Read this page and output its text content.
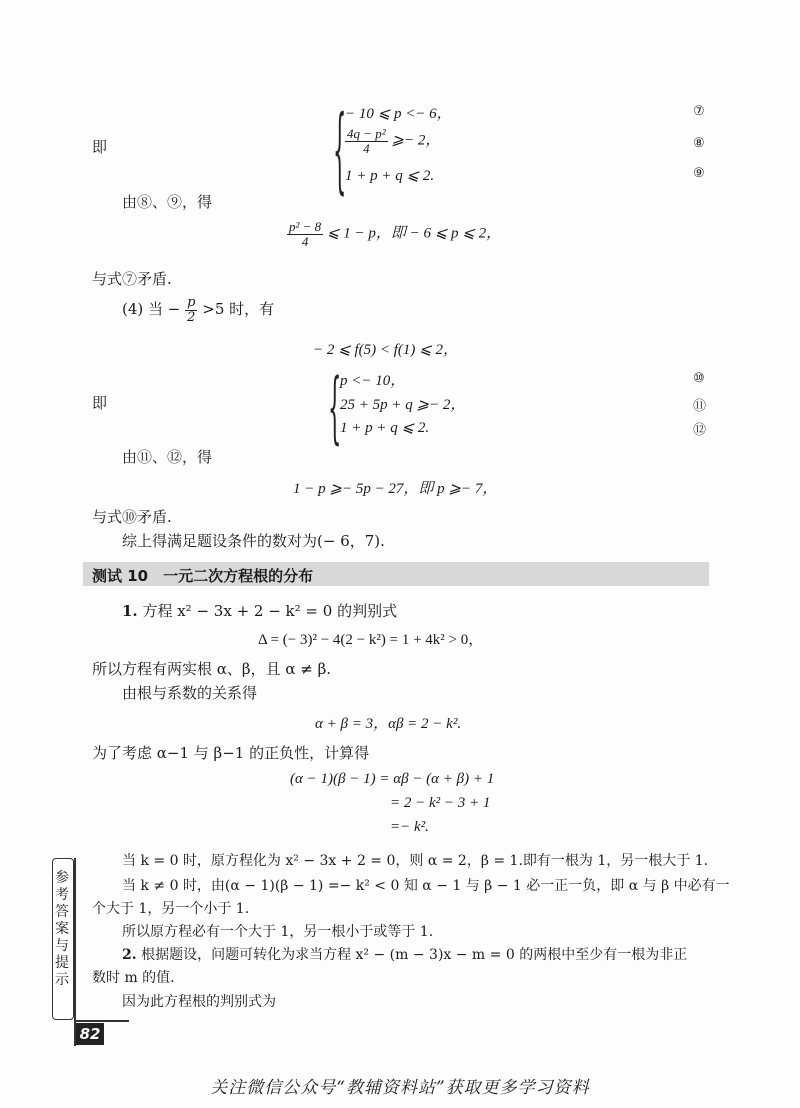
即	{
− 10 ⩽ p <− 6，
$\frac{\text{4q − p²}}{4}$ ⩾− 2，
1 + p + q ⩽ 2.
⑦
⑧
⑨
由⑧、⑨，得
$\frac{\text{p² − 8}}{4}$ ⩽ 1 − p，即 − 6 ⩽ p ⩽ 2，
与式⑦矛盾.
(4) 当 − $\frac{p}{2} >5$ 时，有
− 2 ⩽ f(5) < f(1) ⩽ 2，
即	{
p <− 10，
25 + 5p + q ⩾− 2，
1 + p + q ⩽ 2.
⑩
⑪
⑫
由⑪、⑫，得
1 − p ⩾− 5p − 27，即 p ⩾− 7，
与式⑩矛盾.
综上得满足题设条件的数对为(− 6，7).
测试 10　一元二次方程根的分布
1. 方程 x² − 3x + 2 − k² = 0 的判别式
Δ = (− 3)² − 4(2 − k²) = 1 + 4k² > 0，
所以方程有两实根 α、β，且 α ≠ β.
由根与系数的关系得
α + β = 3，αβ = 2 − k².
为了考虑 α−1 与 β−1 的正负性，计算得
(α − 1)(β − 1) = αβ − (α + β) + 1
= 2 − k² − 3 + 1
=− k².
当 k = 0 时，原方程化为 x² − 3x + 2 = 0，则 α = 2，β = 1.即有一根为 1，另一根大于 1.
当 k ≠ 0 时，由(α − 1)(β − 1) =− k² < 0 知 α − 1 与 β − 1 必一正一负，即 α 与 β 中必有一
个大于 1，另一个小于 1.
所以原方程必有一个大于 1，另一根小于或等于 1.
2. 根据题设，问题可转化为求当方程 x² − (m − 3)x − m = 0 的两根中至少有一根为非正
数时 m 的值.
因为此方程根的判别式为
参考答案与提示
82
关注微信公众号“教辅资料站”获取更多学习资料
